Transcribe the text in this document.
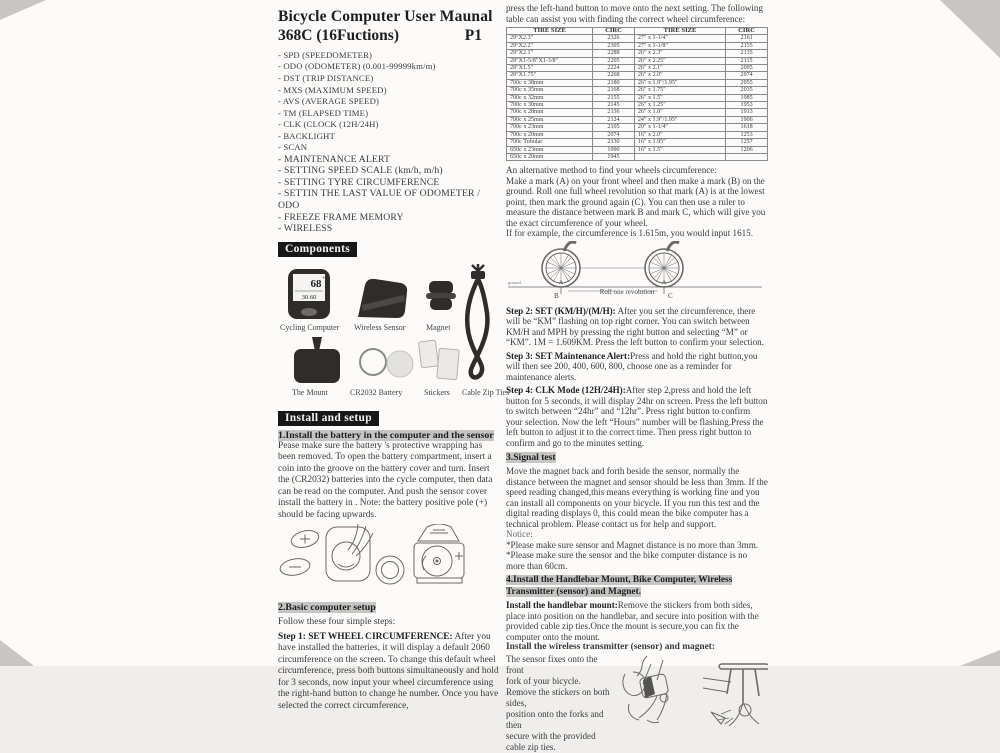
Bicycle Computer User Maunal
368C (16Fuctions)	P1
- SPD (SPEEDOMETER)
- ODO (ODOMETER) (0.001-99999km/m)
- DST (TRIP DISTANCE)
- MXS (MAXIMUM SPEED)
- AVS (AVERAGE SPEED)
- TM (ELAPSED TIME)
- CLK (CLOCK (12H/24H)
- BACKLIGHT
- SCAN
- MAINTENANCE ALERT
- SETTING SPEED SCALE (km/h, m/h)
- SETTING TYRE CIRCUMFERENCE
- SETTIN THE LAST VALUE OF ODOMETER / ODO
- FREEZE FRAME MEMORY
- WIRELESS
Components
68 +
30.60
Cycling Computer Wireless Sensor	Magnet
The Mount	CR2032 Battery	Stickers Cable Zip Ties
Install and setup
1.Install the battery in the computer and the sensor

Pease make sure the battery 's protective wrapping has been removed. To open the battery compartment, insert a coin into the groove on the battery cover and turn. Insert the (CR2032) batteries into the cycle computer, then data can be read on the computer. And push the sensor cover install the battery in . Note: the battery positive pole (+) should be facing upwards.

2.Basic computer setup

Follow these four simple steps:

Step 1: SET WHEEL CIRCUMFERENCE: After you have installed the batteries, it will display a default 2060 circumference on the screen. To change this default wheel circumference, press both buttons simultaneously and hold for 3 seconds, now input your wheel circumference using the right-hand button to change he number. Once you have selected the correct circumference,

press the left-hand button to move onto the next setting. The following table can assist you with finding the correct wheel circumference:
TIRE SIZE	CIRC	TIRE SIZE	CIRC
29"X2.3"	2326	27" x 1-1/4"	2161
29"X2.2"	2305	27" x 1-1/8"	2155
29"X2.1"	2288	26" x 2.3"	2135
28"X1-5/8"X1-3/8"	2205	26" x 2.25"	2115
28"X1.5"	2224	26" x 2.1"	2095
28"X1.75"	2268	26" x 2.0"	2074
700c x 38mm	2180	26" x 1.9"/1.95"	2055
700c x 35mm	2168	26" x 1.75"	2035
700c x 32mm	2155	26" x 1.5"	1985
700c x 30mm	2145	26" x 1.25"	1953
700c x 28mm	2136	26" x 1.0"	1913
700c x 25mm	2124	24" x 1.9"/1.95"	1906
700c x 23mm	2105	20" x 1-1/4"	1618
700c x 20mm	2074	16" x 2.0"	1253
700c Tubular	2130	16" x 1.95"	1257
650c x 23mm	1990	16" x 1.5"	1206
650c x 20mm	1945		
An alternative method to find your wheels circumference:
Make a mark (A) on your front wheel and then make a mark (B) on the ground. Roll one full wheel revolution so that mark (A) is at the lowest point, then mark the ground again (C). You can then use a ruler to measure the distance between mark B and mark C, which will give you the exact circumference of your wheel.
If for example, the circumference is 1.615m, you would input 1615.
A	A
B	C
Roll one revolution
ground

Step 2: SET (KM/H)/(M/H): After you set the circumference, there will be “KM” flashing on top right corner. You can switch between KM/H and MPH by pressing the right button and selecting “M” or “KM”. 1M = 1.609KM. Press the left button to confirm your selection.

Step 3: SET Maintenance Alert:Press and hold the right button,you will then see 200, 400, 600, 800, choose one as a reminder for maintenance alerts.

Step 4: CLK Mode (12H/24H):After step 2,press and hold the left button for 5 seconds, it will display 24hr on screen. Press the left button to switch between “24hr” and “12hr”. Press right button to confirm your selection. Now the left “Hours” number will be flashing.Press the left button to adjust it to the correct time. Then press right button to confirm and go to the minutes setting.

3.Signal test

Move the magnet back and forth beside the sensor, normally the distance between the magnet and sensor should be less than 3mm. If the speed reading changed,this means everything is working fine and you can install all components on your bicycle. If you run this test and the digital reading displays 0, this could mean the bike computer has a technical problem. Please contact us for help and support.

Notice:
*Please make sure sensor and Magnet distance is no more than 3mm.
*Please make sure the sensor and the bike computer distance is no more than 60cm.
4.Install the Handlebar Mount, Bike Computer, Wireless Transmitter (sensor) and Magnet.

Install the handlebar mount:Remove the stickers from both sides, place into position on the handlebar, and secure into position with the provided cable zip ties.Once the mount is secure,you can fix the computer onto the mount.

Install the wireless transmitter (sensor) and magnet:
The sensor fixes onto the front
fork of your bicycle.
Remove the stickers on both sides,
position onto the forks and then
secure with the provided cable zip ties.
